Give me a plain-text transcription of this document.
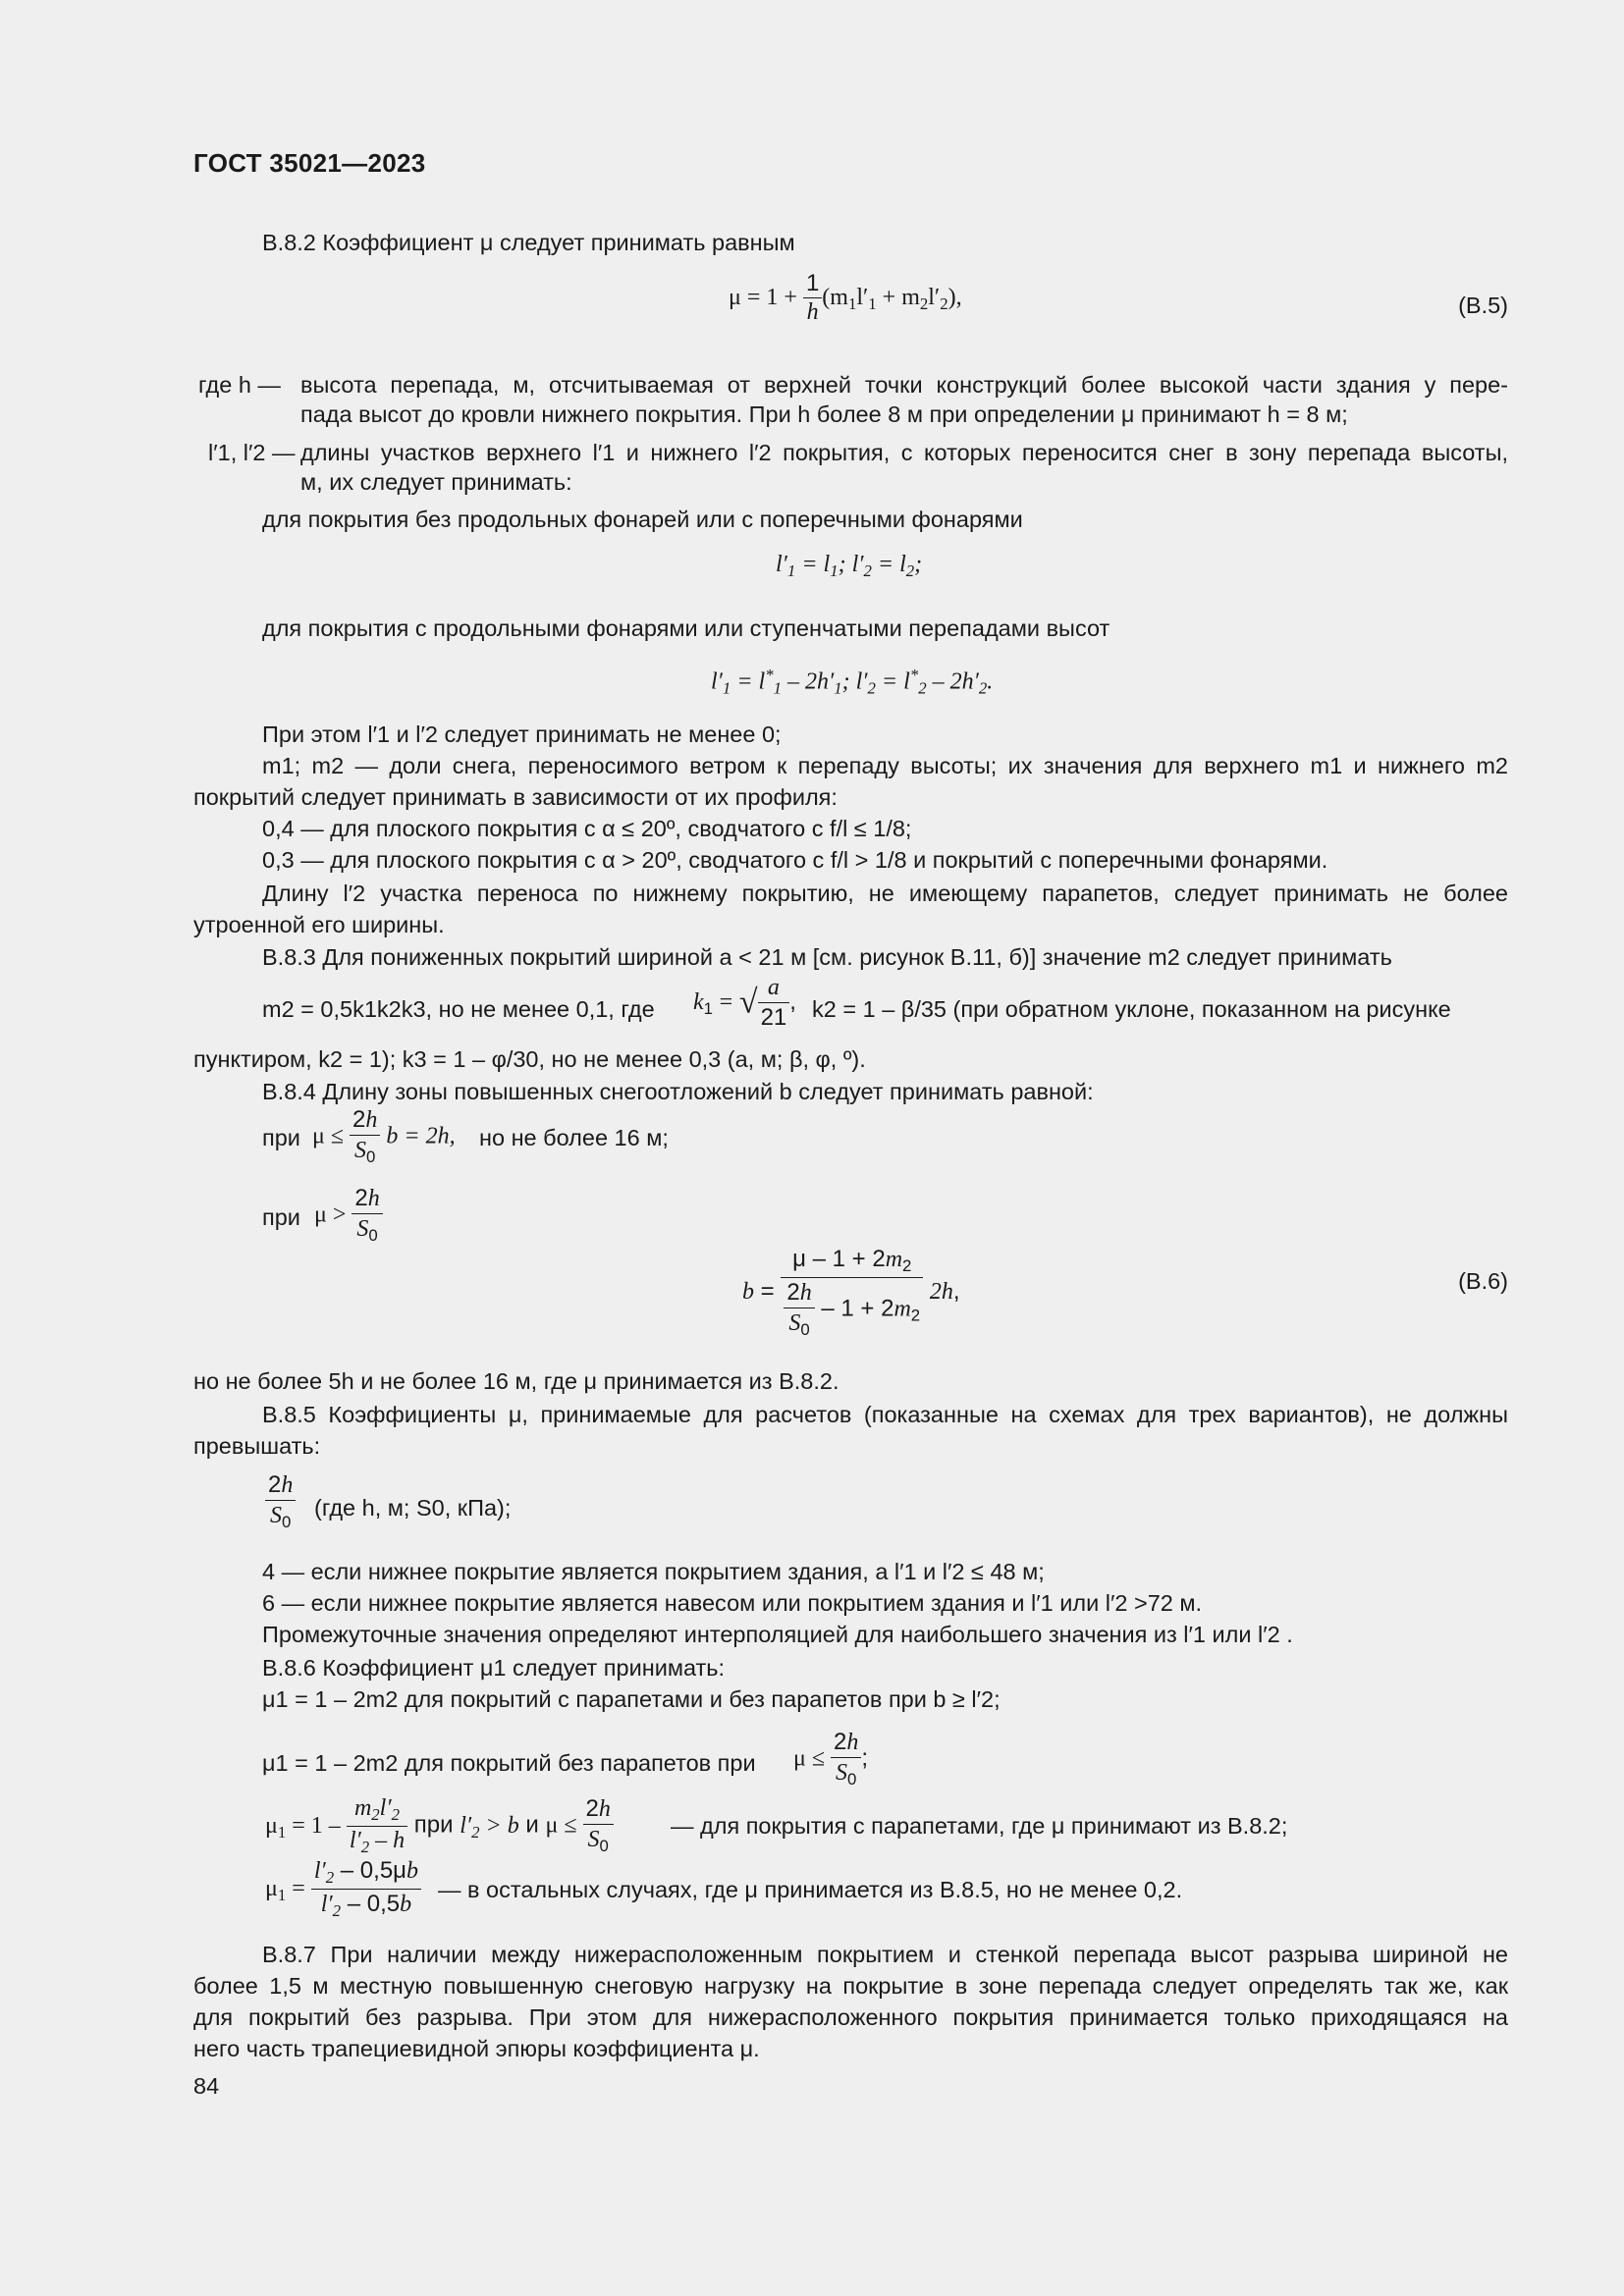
ГОСТ 35021—2023
В.8.2 Коэффициент μ следует принимать равным
$\mu = 1 + \frac{1}{h} (m_1l'_1 + m_2l'_2)$,	(В.5)
где h — высота перепада, м, отсчитываемая от верхней точки конструкций более высокой части здания у пере-
пада высот до кровли нижнего покрытия. При h более 8 м при определении μ принимают h = 8 м;
l′1, l′2 — длины участков верхнего l′1 и нижнего l′2 покрытия, с которых переносится снег в зону перепада высоты,
м, их следует принимать:
для покрытия без продольных фонарей или с поперечными фонарями
$l'_1 = l_1$; $l'_2 = l_2$;
для покрытия с продольными фонарями или ступенчатыми перепадами высот
$l'_1 = l^*_1 - 2h'_1$; $l'_2 = l^*_2 - 2h'_2$.
При этом l′1 и l′2 следует принимать не менее 0;
m1; m2 — доли снега, переносимого ветром к перепаду высоты; их значения для верхнего m1 и нижнего m2
покрытий следует принимать в зависимости от их профиля:
0,4 — для плоского покрытия с α ≤ 20º, сводчатого с f/l ≤ 1/8;
0,3 — для плоского покрытия с α > 20º, сводчатого с f/l > 1/8 и покрытий с поперечными фонарями.
Длину l′2 участка переноса по нижнему покрытию, не имеющему парапетов, следует принимать не более
утроенной его ширины.
В.8.3 Для пониженных покрытий шириной a < 21 м [см. рисунок В.11, б)] значение m2 следует принимать
m2 = 0,5k1k2k3, но не менее 0,1, где $k_1$ = √ $\frac{a}{21}$ , k2 = 1 – β/35 (при обратном уклоне, показанном на рисунке
пунктиром, k2 = 1); k3 = 1 – φ/30, но не менее 0,3 (a, м; β, φ, º).
В.8.4 Длину зоны повышенных снегоотложений b следует принимать равной:
при $\mu \le \frac{2h}{S_0}$ b = 2h, но не более 16 м;
при $\mu > \frac{2h}{S_0}$
$b = \frac{\mu - 1 + 2m_2}{\frac{2h}{S_0} - 1 + 2m_2} 2h$,	(В.6)
но не более 5h и не более 16 м, где μ принимается из В.8.2.
В.8.5 Коэффициенты μ, принимаемые для расчетов (показанные на схемах для трех вариантов), не должны
превышать:
$\frac{2h}{S_0} (где$ h, м; S0, кПа);
4 — если нижнее покрытие является покрытием здания, а l′1 и l′2 ≤ 48 м;
6 — если нижнее покрытие является навесом или покрытием здания и l′1 или l′2 >72 м.
Промежуточные значения определяют интерполяцией для наибольшего значения из l′1 или l′2 .
В.8.6 Коэффициент μ1 следует принимать:
μ1 = 1 – 2m2 для покрытий с парапетами и без парапетов при b ≥ l′2;
μ1 = 1 – 2m2 для покрытий без парапетов при $\mu \le \frac{2h}{S_0}$ ;
$\mu_1 = 1 - \frac{m_2l'_2}{l'_2 - h}$ при $l'_2 > b$ и $\mu \le \frac{2h}{S_0}$ — для покрытия с парапетами, где μ принимают из В.8.2;
$\mu_1 = \frac{l'_2 - 0,5\mu b}{l'_2 - 0,5b}$ — в остальных случаях, где μ принимается из В.8.5, но не менее 0,2.
В.8.7 При наличии между нижерасположенным покрытием и стенкой перепада высот разрыва шириной не
более 1,5 м местную повышенную снеговую нагрузку на покрытие в зоне перепада следует определять так же, как
для покрытий без разрыва. При этом для нижерасположенного покрытия принимается только приходящаяся на
него часть трапециевидной эпюры коэффициента μ.
84
